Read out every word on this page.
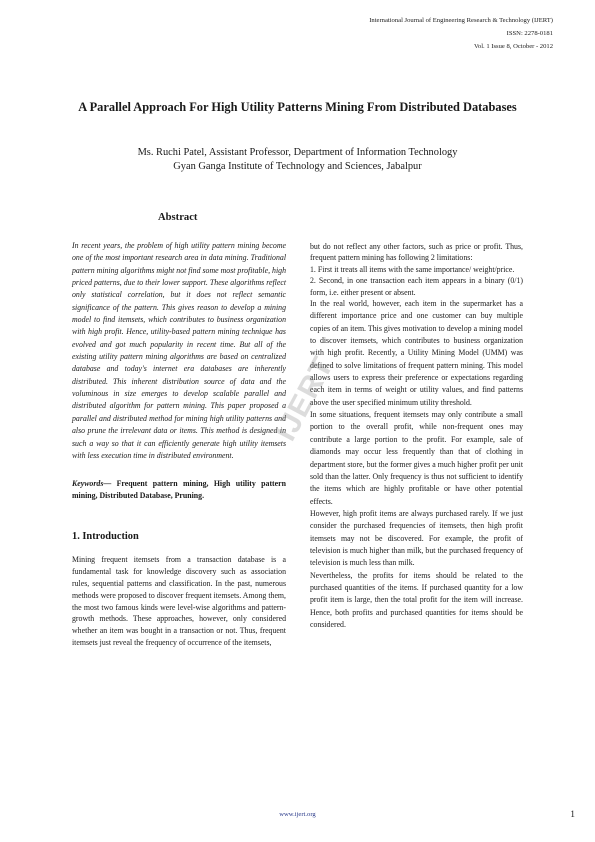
International Journal of Engineering Research & Technology (IJERT)
ISSN: 2278-0181
Vol. 1 Issue 8, October - 2012
A Parallel Approach For High Utility Patterns Mining From Distributed Databases
Ms. Ruchi Patel, Assistant Professor, Department of Information Technology
Gyan Ganga Institute of Technology and Sciences, Jabalpur
Abstract

In recent years, the problem of high utility pattern mining become one of the most important research area in data mining. Traditional pattern mining algorithms might not find some most profitable, high priced patterns, due to their lower support. These algorithms reflect only statistical correlation, but it does not reflect semantic significance of the pattern. This gives reason to develop a mining model to find itemsets, which contributes to business organization with high profit. Hence, utility-based pattern mining technique has evolved and got much popularity in recent time. But all of the existing utility pattern mining algorithms are based on centralized database and today's internet era databases are inherently distributed. This inherent distribution source of data and the voluminous in size emerges to develop scalable parallel and distributed algorithm for pattern mining. This paper proposed a parallel and distributed method for mining high utility patterns and also prune the irrelevant data or items. This method is designed in such a way so that it can efficiently generate high utility itemsets with less execution time in distributed environment.

Keywords— Frequent pattern mining, High utility pattern mining, Distributed Database, Pruning.

1. Introduction

Mining frequent itemsets from a transaction database is a fundamental task for knowledge discovery such as association rules, sequential patterns and classification. In the past, numerous methods were proposed to discover frequent itemsets. Among them, the most two famous kinds were level-wise algorithms and pattern-growth methods. These approaches, however, only considered whether an item was bought in a transaction or not. Thus, frequent itemsets just reveal the frequency of occurrence of the itemsets,

but do not reflect any other factors, such as price or profit. Thus, frequent pattern mining has following 2 limitations:

1. First it treats all items with the same importance/ weight/price.

2. Second, in one transaction each item appears in a binary (0/1) form, i.e. either present or absent.

In the real world, however, each item in the supermarket has a different importance price and one customer can buy multiple copies of an item. This gives motivation to develop a mining model to discover itemsets, which contributes to business organization with high profit. Recently, a Utility Mining Model (UMM) was defined to solve limitations of frequent pattern mining. This model allows users to express their preference or expectations regarding each item in terms of weight or utility values, and find patterns above the user specified minimum utility threshold.

In some situations, frequent itemsets may only contribute a small portion to the overall profit, while non-frequent ones may contribute a large portion to the profit. For example, sale of diamonds may occur less frequently than that of clothing in department store, but the former gives a much higher profit per unit sold than the latter. Only frequency is thus not sufficient to identify the items which are highly profitable or have other potential effects.

However, high profit items are always purchased rarely. If we just consider the purchased frequencies of itemsets, then high profit itemsets may not be discovered. For example, the profit of television is much higher than milk, but the purchased frequency of television is much less than milk.

Nevertheless, the profits for items should be related to the purchased quantities of the items. If purchased quantity for a low profit item is large, then the total profit for the item will increase. Hence, both profits and purchased quantities for items should be considered.

IJERT
www.ijert.org	1
